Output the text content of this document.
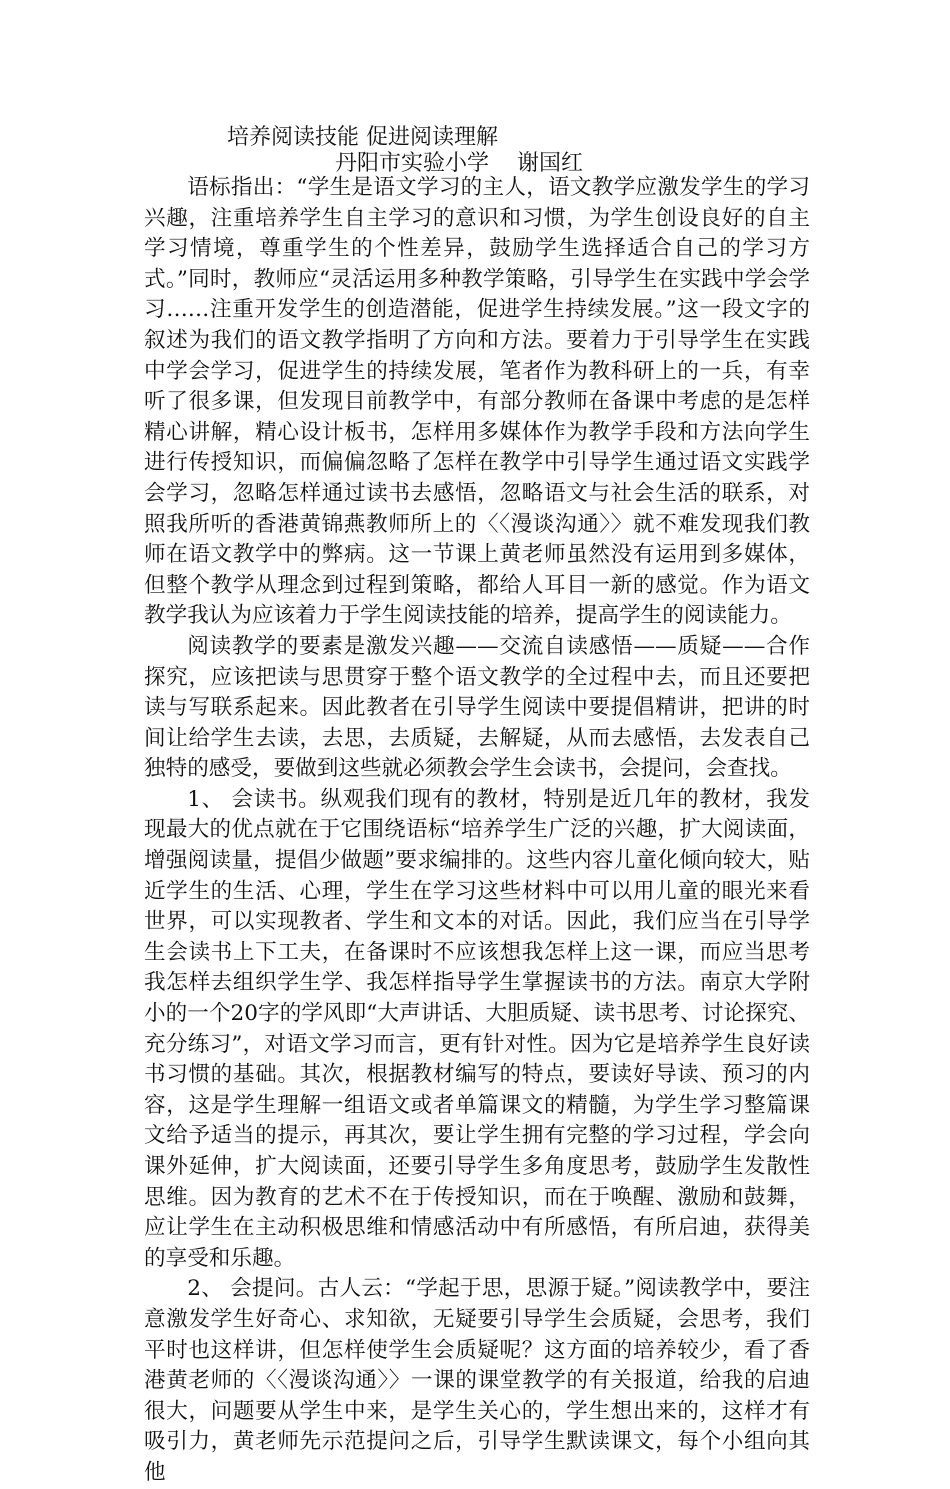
培养阅读技能 促进阅读理解
丹阳市实验小学 谢国红

语标指出：“学生是语文学习的主人，语文教学应激发学生的学习兴趣，注重培养学生自主学习的意识和习惯，为学生创设良好的自主学习情境，尊重学生的个性差异，鼓励学生选择适合自己的学习方式。”同时，教师应“灵活运用多种教学策略，引导学生在实践中学会学习……注重开发学生的创造潜能，促进学生持续发展。”这一段文字的叙述为我们的语文教学指明了方向和方法。要着力于引导学生在实践中学会学习，促进学生的持续发展，笔者作为教科研上的一兵，有幸听了很多课，但发现目前教学中，有部分教师在备课中考虑的是怎样精心讲解，精心设计板书，怎样用多媒体作为教学手段和方法向学生进行传授知识，而偏偏忽略了怎样在教学中引导学生通过语文实践学会学习，忽略怎样通过读书去感悟，忽略语文与社会生活的联系，对照我所听的香港黄锦燕教师所上的〈〈漫谈沟通〉〉就不难发现我们教师在语文教学中的弊病。这一节课上黄老师虽然没有运用到多媒体，但整个教学从理念到过程到策略，都给人耳目一新的感觉。作为语文教学我认为应该着力于学生阅读技能的培养，提高学生的阅读能力。

阅读教学的要素是激发兴趣——交流自读感悟——质疑——合作探究，应该把读与思贯穿于整个语文教学的全过程中去，而且还要把读与写联系起来。因此教者在引导学生阅读中要提倡精讲，把讲的时间让给学生去读，去思，去质疑，去解疑，从而去感悟，去发表自己独特的感受，要做到这些就必须教会学生会读书，会提问，会查找。

1、 会读书。纵观我们现有的教材，特别是近几年的教材，我发现最大的优点就在于它围绕语标“培养学生广泛的兴趣，扩大阅读面，增强阅读量，提倡少做题”要求编排的。这些内容儿童化倾向较大，贴近学生的生活、心理，学生在学习这些材料中可以用儿童的眼光来看世界，可以实现教者、学生和文本的对话。因此，我们应当在引导学生会读书上下工夫，在备课时不应该想我怎样上这一课，而应当思考我怎样去组织学生学、我怎样指导学生掌握读书的方法。南京大学附小的一个20字的学风即“大声讲话、大胆质疑、读书思考、讨论探究、充分练习”，对语文学习而言，更有针对性。因为它是培养学生良好读书习惯的基础。其次，根据教材编写的特点，要读好导读、预习的内容，这是学生理解一组语文或者单篇课文的精髓，为学生学习整篇课文给予适当的提示，再其次，要让学生拥有完整的学习过程，学会向课外延伸，扩大阅读面，还要引导学生多角度思考，鼓励学生发散性思维。因为教育的艺术不在于传授知识，而在于唤醒、激励和鼓舞，应让学生在主动积极思维和情感活动中有所感悟，有所启迪，获得美的享受和乐趣。

2、 会提问。古人云：“学起于思，思源于疑。”阅读教学中，要注意激发学生好奇心、求知欲，无疑要引导学生会质疑，会思考，我们平时也这样讲，但怎样使学生会质疑呢？这方面的培养较少，看了香港黄老师的〈〈漫谈沟通〉〉一课的课堂教学的有关报道，给我的启迪很大，问题要从学生中来，是学生关心的，学生想出来的，这样才有吸引力，黄老师先示范提问之后，引导学生默读课文，每个小组向其他
